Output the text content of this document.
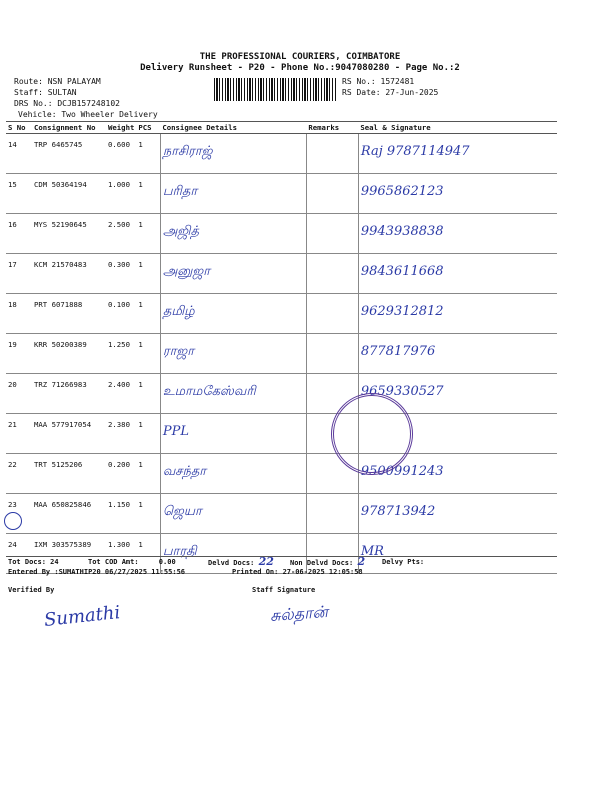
THE PROFESSIONAL COURIERS, COIMBATORE
Delivery Runsheet - P20 - Phone No.:9047080280 - Page No.:2
Route: NSN PALAYAM
Staff: SULTAN
DRS No.: DCJB157248102
Vehicle: Two Wheeler Delivery
RS No.: 1572481
RS Date: 27-Jun-2025
S No	Consignment No	Weight	PCS	Consignee Details	Remarks	Seal & Signature
14	TRP 6465745	0.600	1	நாசிராஜ்		Raj 9787114947
15	CDM 50364194	1.000	1	பரிதா		9965862123
16	MYS 52190645	2.500	1	அஜித்		9943938838
17	KCM 21570483	0.300	1	அனுஜா		9843611668
18	PRT 6071888	0.100	1	தமிழ்		9629312812
19	KRR 50200389	1.250	1	ராஜா		877817976
20	TRZ 71266983	2.400	1	உமாமகேஸ்வரி		9659330527
21	MAA 577917054	2.380	1	PPL		
22	TRT 5125206	0.200	1	வசந்தா		9500991243
23	MAA 650825846	1.150	1	ஜெயா		978713942
24	IXM 303575389	1.300	1	பாரதி		MR
Tot Docs: 24	Tot COD Amt:	0.00	Delvd Docs: 22 Non Delvd Docs: 2 Delvy Pts:
Entered By :SUMATHIP20 06/27/2025 11:55:56	Printed On: 27-06-2025 12:05:58
Verified By	Staff Signature
Sumathi	சுல்தான்
